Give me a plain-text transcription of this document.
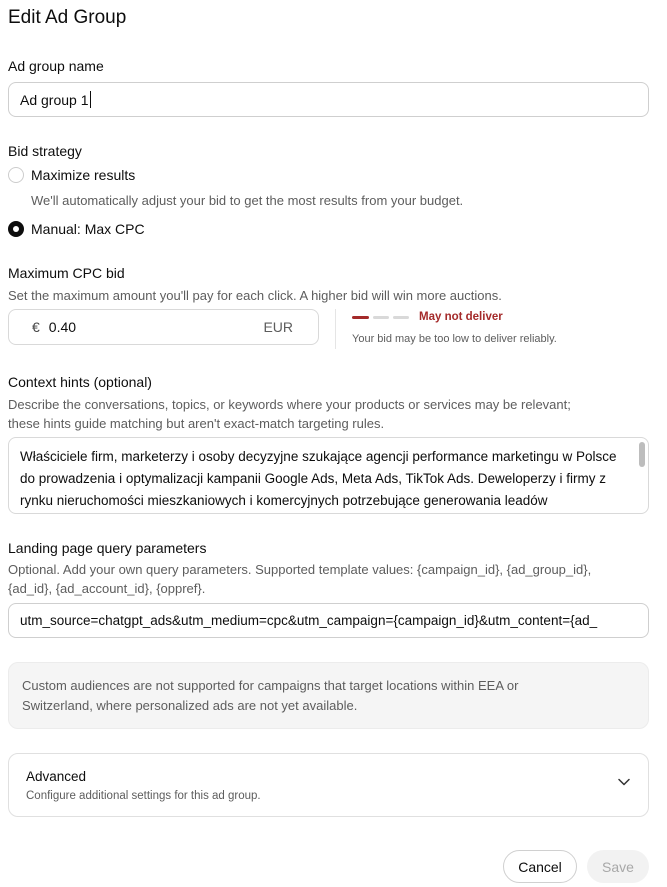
Edit Ad Group
Ad group name
Ad group 1
Bid strategy
Maximize results
We'll automatically adjust your bid to get the most results from your budget.
Manual: Max CPC
Maximum CPC bid
Set the maximum amount you'll pay for each click. A higher bid will win more auctions.
€ 0.40	EUR
May not deliver
Your bid may be too low to deliver reliably.
Context hints (optional)
Describe the conversations, topics, or keywords where your products or services may be relevant;
these hints guide matching but aren't exact-match targeting rules.
Właściciele firm, marketerzy i osoby decyzyjne szukające agencji performance marketingu w Polsce do prowadzenia i optymalizacji kampanii Google Ads, Meta Ads, TikTok Ads. Deweloperzy i firmy z rynku nieruchomości mieszkaniowych i komercyjnych potrzebujące generowania leadów
Landing page query parameters
Optional. Add your own query parameters. Supported template values: {campaign_id}, {ad_group_id},
{ad_id}, {ad_account_id}, {oppref}.
utm_source=chatgpt_ads&utm_medium=cpc&utm_campaign={campaign_id}&utm_content={ad_
Custom audiences are not supported for campaigns that target locations within EEA or
Switzerland, where personalized ads are not yet available.
Advanced
Configure additional settings for this ad group.
Cancel	Save
